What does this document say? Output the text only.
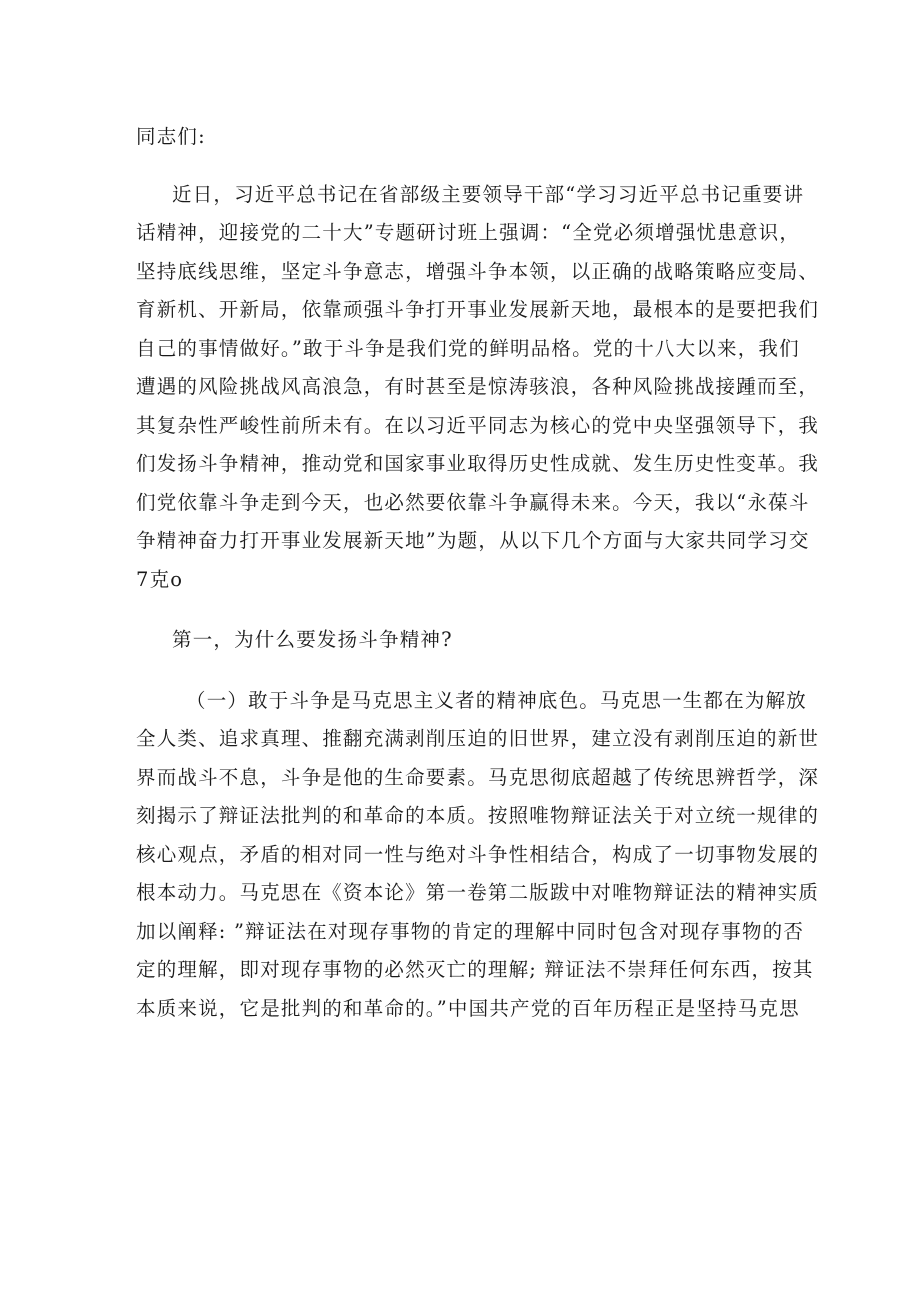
同志们:

近日，习近平总书记在省部级主要领导干部“学习习近平总书记重要讲
话精神，迎接党的二十大”专题研讨班上强调：“全党必须增强忧患意识，
坚持底线思维，坚定斗争意志，增强斗争本领，以正确的战略策略应变局、
育新机、开新局，依靠顽强斗争打开事业发展新天地，最根本的是要把我们
自己的事情做好。”敢于斗争是我们党的鲜明品格。党的十八大以来，我们
遭遇的风险挑战风高浪急，有时甚至是惊涛骇浪，各种风险挑战接踵而至，
其复杂性严峻性前所未有。在以习近平同志为核心的党中央坚强领导下，我
们发扬斗争精神，推动党和国家事业取得历史性成就、发生历史性变革。我
们党依靠斗争走到今天，也必然要依靠斗争赢得未来。今天，我以“永葆斗
争精神奋力打开事业发展新天地”为题，从以下几个方面与大家共同学习交
7克o

第一，为什么要发扬斗争精神?

（一）敢于斗争是马克思主义者的精神底色。马克思一生都在为解放
全人类、追求真理、推翻充满剥削压迫的旧世界，建立没有剥削压迫的新世
界而战斗不息，斗争是他的生命要素。马克思彻底超越了传统思辨哲学，深
刻揭示了辩证法批判的和革命的本质。按照唯物辩证法关于对立统一规律的
核心观点，矛盾的相对同一性与绝对斗争性相结合，构成了一切事物发展的
根本动力。马克思在《资本论》第一卷第二版跋中对唯物辩证法的精神实质
加以阐释: ”辩证法在对现存事物的肯定的理解中同时包含对现存事物的否
定的理解，即对现存事物的必然灭亡的理解; 辩证法不崇拜任何东西，按其
本质来说，它是批判的和革命的。”中国共产党的百年历程正是坚持马克思
